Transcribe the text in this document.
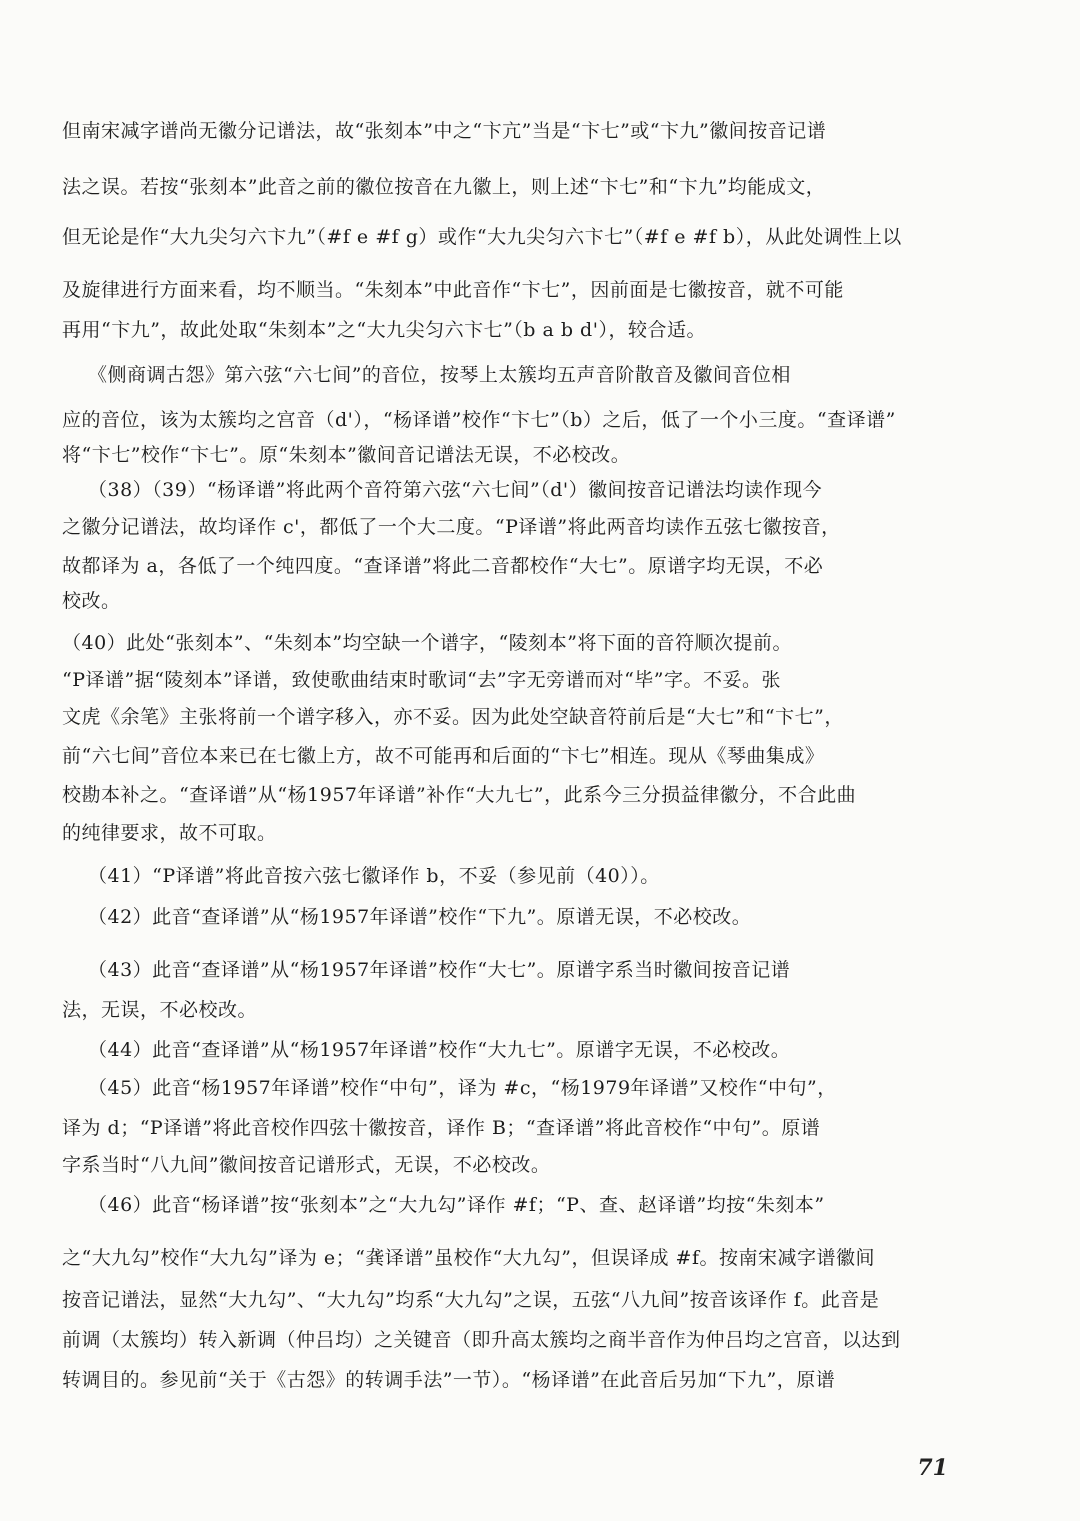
但南宋减字谱尚无徽分记谱法，故“张刻本”中之“卞亢”当是“卞七”或“卞九”徽间按音记谱

法之误。若按“张刻本”此音之前的徽位按音在九徽上，则上述“卞七”和“卞九”均能成文，

但无论是作“大九尖匀六卞九”（#f e #f g）或作“大九尖匀六卞七”（#f e #f b），从此处调性上以

及旋律进行方面来看，均不顺当。“朱刻本”中此音作“卞七”，因前面是七徽按音，就不可能

再用“卞九”，故此处取“朱刻本”之“大九尖匀六卞七”（b a b d'），较合适。

《侧商调古怨》第六弦“六七间”的音位，按琴上太簇均五声音阶散音及徽间音位相

应的音位，该为太簇均之宫音（d'），“杨译谱”校作“卞七”（b）之后，低了一个小三度。“查译谱”

将“卞七”校作“卞七”。原“朱刻本”徽间音记谱法无误，不必校改。

（38）（39）“杨译谱”将此两个音符第六弦“六七间”（d'）徽间按音记谱法均读作现今

之徽分记谱法，故均译作 c'，都低了一个大二度。“P译谱”将此两音均读作五弦七徽按音，

故都译为 a，各低了一个纯四度。“查译谱”将此二音都校作“大七”。原谱字均无误，不必

校改。

（40）此处“张刻本”、“朱刻本”均空缺一个谱字，“陵刻本”将下面的音符顺次提前。

“P译谱”据“陵刻本”译谱，致使歌曲结束时歌词“去”字无旁谱而对“毕”字。不妥。张

文虎《余笔》主张将前一个谱字移入，亦不妥。因为此处空缺音符前后是“大七”和“卞七”，

前“六七间”音位本来已在七徽上方，故不可能再和后面的“卞七”相连。现从《琴曲集成》

校勘本补之。“查译谱”从“杨1957年译谱”补作“大九七”，此系今三分损益律徽分，不合此曲

的纯律要求，故不可取。

（41）“P译谱”将此音按六弦七徽译作 b，不妥（参见前（40））。

（42）此音“查译谱”从“杨1957年译谱”校作“下九”。原谱无误，不必校改。

（43）此音“查译谱”从“杨1957年译谱”校作“大七”。原谱字系当时徽间按音记谱

法，无误，不必校改。

（44）此音“查译谱”从“杨1957年译谱”校作“大九七”。原谱字无误，不必校改。

（45）此音“杨1957年译谱”校作“中句”，译为 #c，“杨1979年译谱”又校作“中句”，

译为 d；“P译谱”将此音校作四弦十徽按音，译作 B；“查译谱”将此音校作“中句”。原谱

字系当时“八九间”徽间按音记谱形式，无误，不必校改。

（46）此音“杨译谱”按“张刻本”之“大九勾”译作 #f；“P、查、赵译谱”均按“朱刻本”

之“大九勾”校作“大九勾”译为 e；“龚译谱”虽校作“大九勾”，但误译成 #f。按南宋减字谱徽间

按音记谱法，显然“大九勾”、“大九勾”均系“大九勾”之误，五弦“八九间”按音该译作 f。此音是

前调（太簇均）转入新调（仲吕均）之关键音（即升高太簇均之商半音作为仲吕均之宫音，以达到

转调目的。参见前“关于《古怨》的转调手法”一节）。“杨译谱”在此音后另加“下九”，原谱

71
